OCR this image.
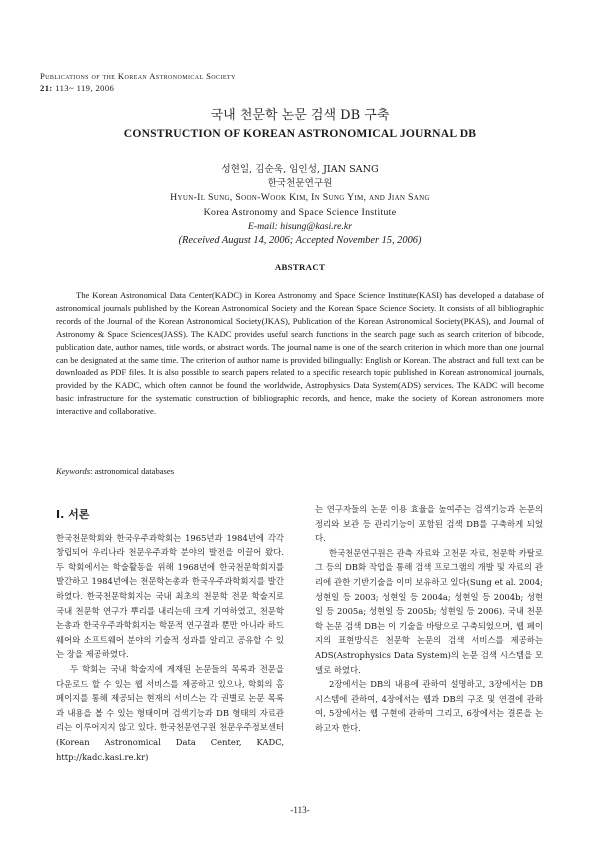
Publications of the Korean Astronomical Society
21: 113~ 119, 2006
국내 천문학 논문 검색 DB 구축
CONSTRUCTION OF KOREAN ASTRONOMICAL JOURNAL DB
성현일, 김순욱, 임인성, JIAN SANG
한국천문연구원
Hyun-Il Sung, Soon-Wook Kim, In Sung Yim, and Jian Sang
Korea Astronomy and Space Science Institute
E-mail: hisung@kasi.re.kr
(Received August 14, 2006; Accepted November 15, 2006)
ABSTRACT
The Korean Astronomical Data Center(KADC) in Korea Astronomy and Space Science Institute(KASI) has developed a database of astronomical journals published by the Korean Astronomical Society and the Korean Space Science Society. It consists of all bibliographic records of the Journal of the Korean Astronomical Society(JKAS), Publication of the Korean Astronomical Society(PKAS), and Journal of Astronomy & Space Sciences(JASS). The KADC provides useful search functions in the search page such as search criterion of bibcode, publication date, author names, title words, or abstract words. The journal name is one of the search criterion in which more than one journal can be designated at the same time. The criterion of author name is provided bilingually: English or Korean. The abstract and full text can be downloaded as PDF files. It is also possible to search papers related to a specific research topic published in Korean astronomical journals, provided by the KADC, which often cannot be found the worldwide, Astrophysics Data System(ADS) services. The KADC will become basic infrastructure for the systematic construction of bibliographic records, and hence, make the society of Korean astronomers more interactive and collaborative.
Keywords: astronomical databases
I. 서론

한국천문학회와 한국우주과학회는 1965년과 1984년에 각각 창립되어 우리나라 천문우주과학 분야의 발전을 이끌어 왔다. 두 학회에서는 학술활동을 위해 1968년에 한국천문학회지를 발간하고 1984년에는 천문학논총과 한국우주과학회지를 발간하였다. 한국천문학회지는 국내 최초의 천문학 전문 학술지로 국내 천문학 연구가 뿌리를 내리는데 크게 기여하였고, 천문학논총과 한국우주과학회지는 학문적 연구결과 뿐만 아니라 하드웨어와 소프트웨어 분야의 기술적 성과를 알리고 공유할 수 있는 장을 제공하였다.

두 학회는 국내 학술지에 게재된 논문들의 목록과 전문을 다운로드 할 수 있는 웹 서비스를 제공하고 있으나, 학회의 홈페이지를 통해 제공되는 현재의 서비스는 각 권별로 논문 목록과 내용을 볼 수 있는 형태이며 검색기능과 DB 형태의 자료관리는 이루어지지 않고 있다. 한국천문연구원 천문우주정보센터(Korean Astronomical Data Center, KADC, http://kadc.kasi.re.kr)

는 연구자들의 논문 이용 효율을 높여주는 검색기능과 논문의 정리와 보관 등 관리기능이 포함된 검색 DB를 구축하게 되었다.

한국천문연구원은 관측 자료와 고천문 자료, 천문학 카탈로그 등의 DB화 작업을 통해 검색 프로그램의 개발 및 자료의 관리에 관한 기반기술을 이미 보유하고 있다(Sung et al. 2004; 성현일 등 2003; 성현일 등 2004a; 성현일 등 2004b; 성현일 등 2005a; 성현일 등 2005b; 성현일 등 2006). 국내 천문학 논문 검색 DB는 이 기술을 바탕으로 구축되었으며, 웹 페이지의 표현방식은 천문학 논문의 검색 서비스를 제공하는 ADS(Astrophysics Data System)의 논문 검색 시스템을 모델로 하였다.

2장에서는 DB의 내용에 관하여 설명하고, 3장에서는 DB 시스템에 관하여, 4장에서는 웹과 DB의 구조 및 연결에 관하여, 5장에서는 웹 구현에 관하여 그리고, 6장에서는 결론을 논하고자 한다.

-113-
